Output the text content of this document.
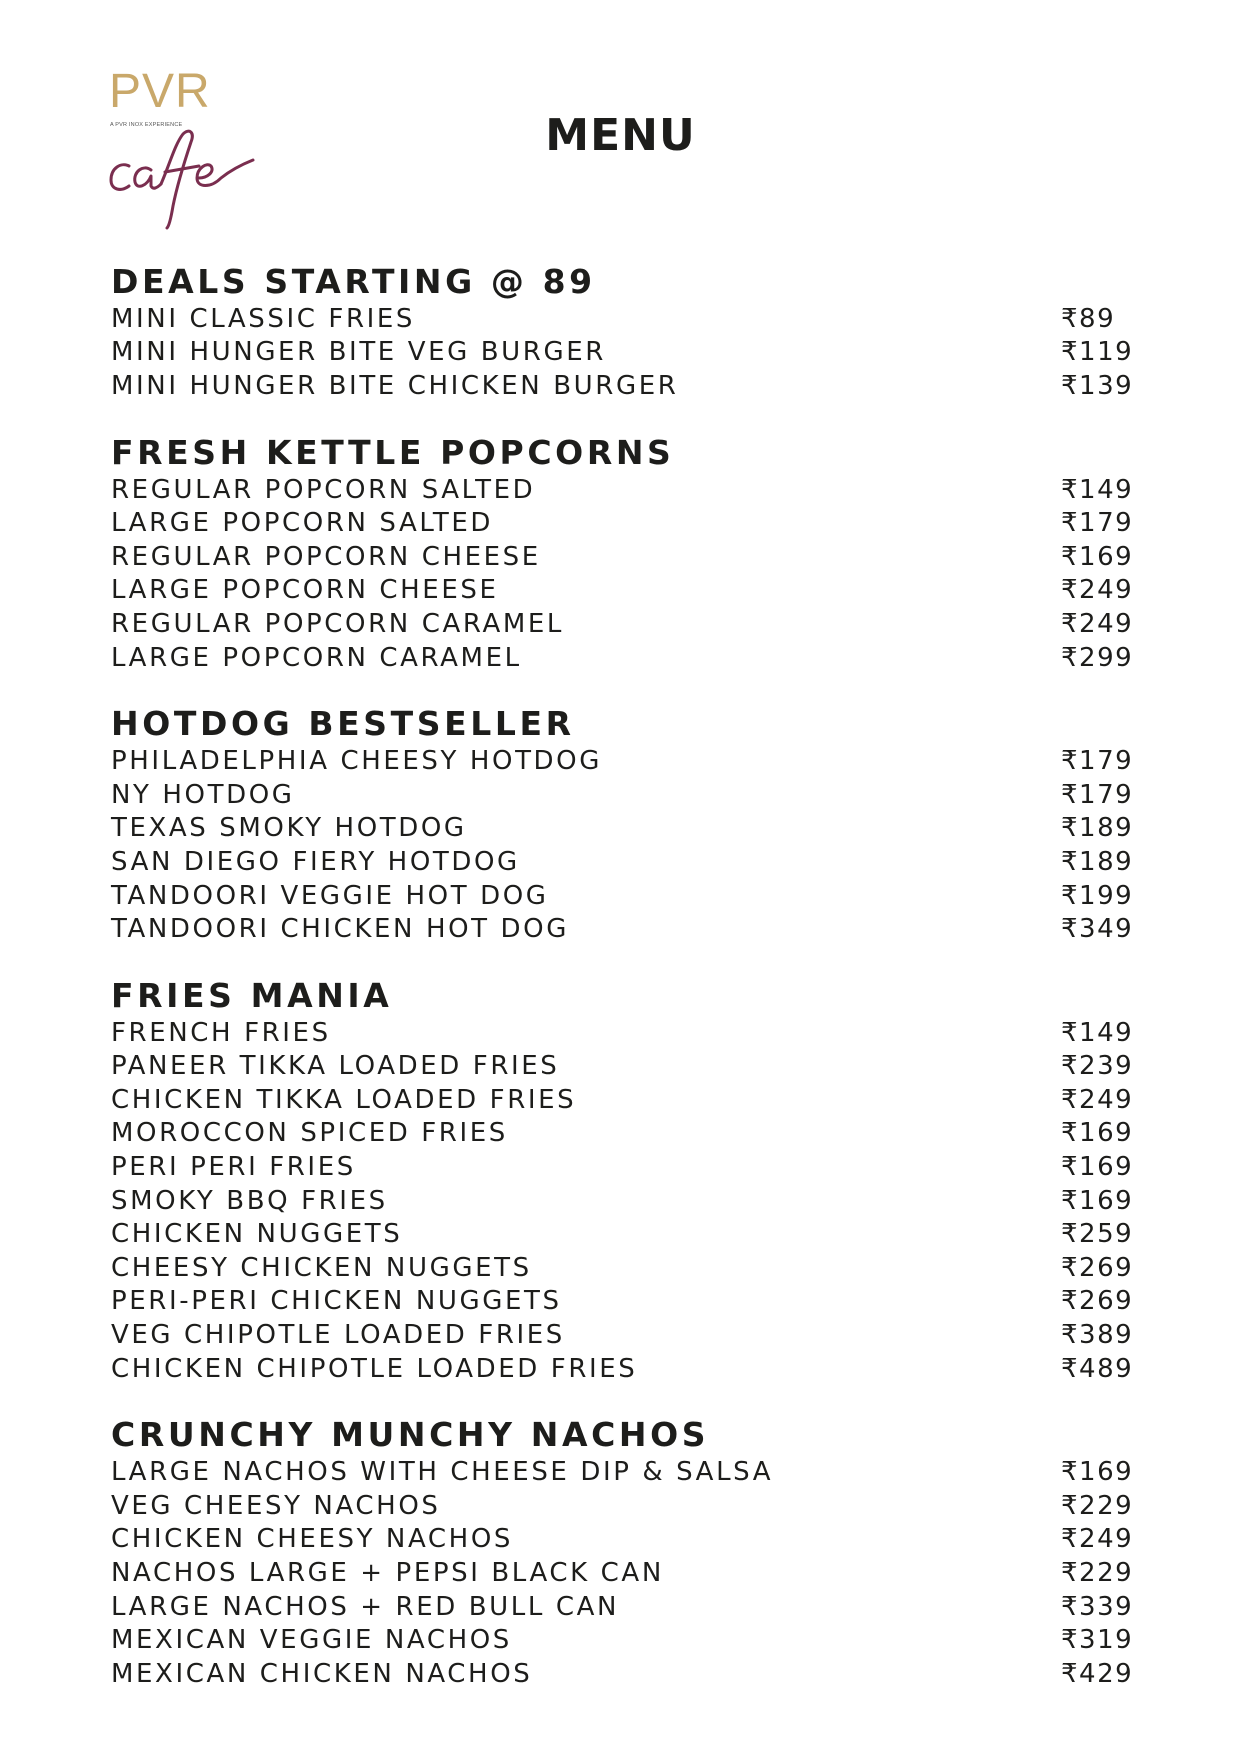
PVR
A PVR INOX EXPERIENCE	MENU
DEALS STARTING @ 89
MINI CLASSIC FRIES	₹89
MINI HUNGER BITE VEG BURGER	₹119
MINI HUNGER BITE CHICKEN BURGER	₹139
FRESH KETTLE POPCORNS
REGULAR POPCORN SALTED	₹149
LARGE POPCORN SALTED	₹179
REGULAR POPCORN CHEESE	₹169
LARGE POPCORN CHEESE	₹249
REGULAR POPCORN CARAMEL	₹249
LARGE POPCORN CARAMEL	₹299
HOTDOG BESTSELLER
PHILADELPHIA CHEESY HOTDOG	₹179
NY HOTDOG	₹179
TEXAS SMOKY HOTDOG	₹189
SAN DIEGO FIERY HOTDOG	₹189
TANDOORI VEGGIE HOT DOG	₹199
TANDOORI CHICKEN HOT DOG	₹349
FRIES MANIA
FRENCH FRIES	₹149
PANEER TIKKA LOADED FRIES	₹239
CHICKEN TIKKA LOADED FRIES	₹249
MOROCCON SPICED FRIES	₹169
PERI PERI FRIES	₹169
SMOKY BBQ FRIES	₹169
CHICKEN NUGGETS	₹259
CHEESY CHICKEN NUGGETS	₹269
PERI-PERI CHICKEN NUGGETS	₹269
VEG CHIPOTLE LOADED FRIES	₹389
CHICKEN CHIPOTLE LOADED FRIES	₹489
CRUNCHY MUNCHY NACHOS
LARGE NACHOS WITH CHEESE DIP & SALSA	₹169
VEG CHEESY NACHOS	₹229
CHICKEN CHEESY NACHOS	₹249
NACHOS LARGE + PEPSI BLACK CAN	₹229
LARGE NACHOS + RED BULL CAN	₹339
MEXICAN VEGGIE NACHOS	₹319
MEXICAN CHICKEN NACHOS	₹429
